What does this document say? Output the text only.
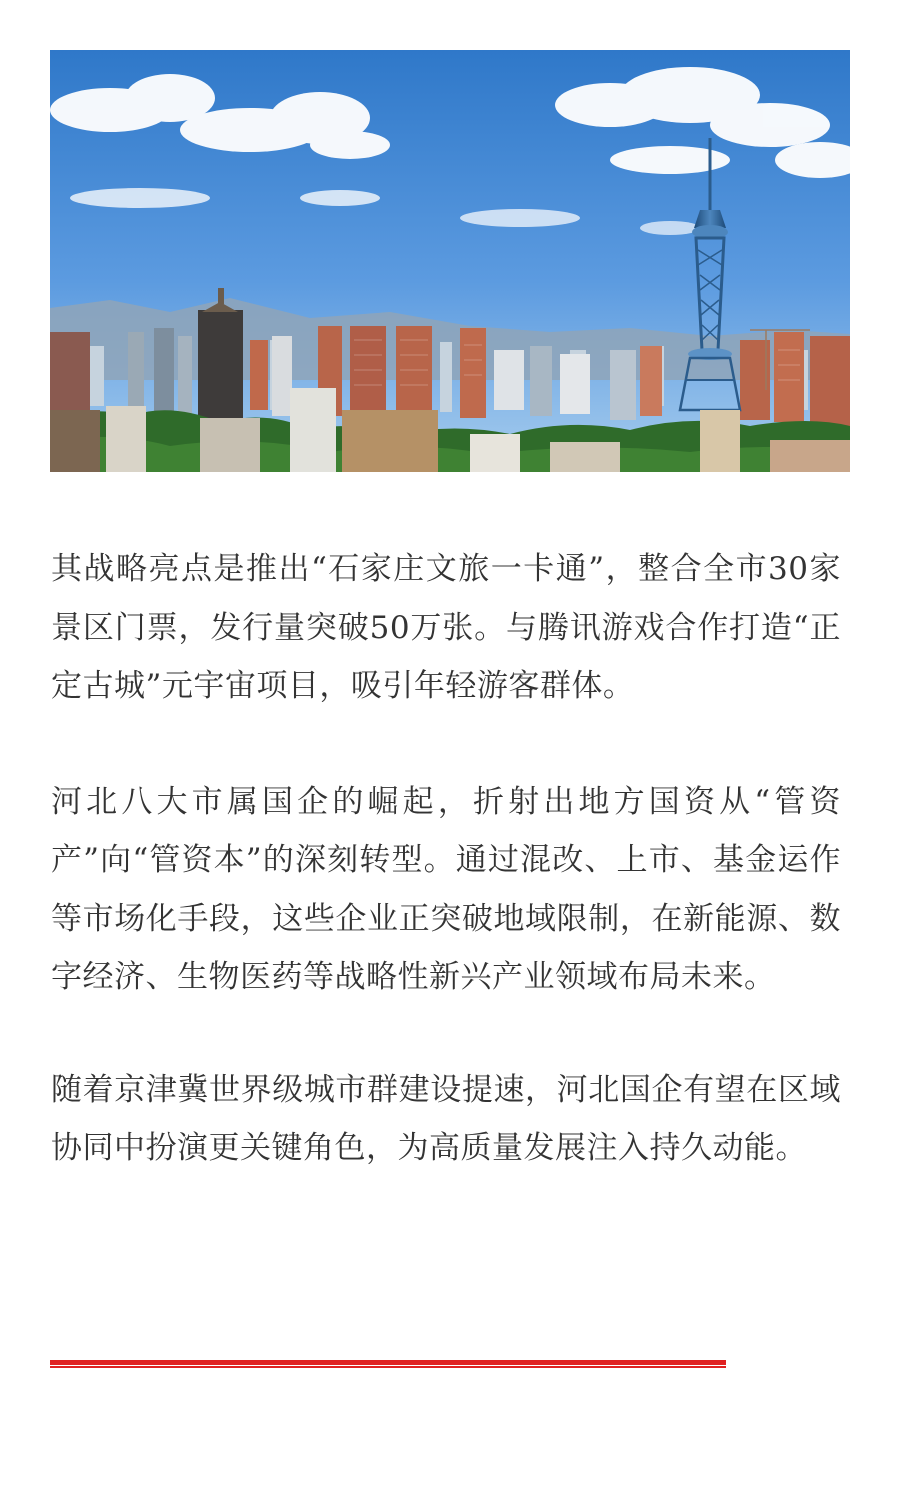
其战略亮点是推出“石家庄文旅一卡通”，整合全市30家景区门票，发行量突破50万张。与腾讯游戏合作打造“正定古城”元宇宙项目，吸引年轻游客群体。

河北八大市属国企的崛起，折射出地方国资从“管资产”向“管资本”的深刻转型。通过混改、上市、基金运作等市场化手段，这些企业正突破地域限制，在新能源、数字经济、生物医药等战略性新兴产业领域布局未来。

随着京津冀世界级城市群建设提速，河北国企有望在区域协同中扮演更关键角色，为高质量发展注入持久动能。
